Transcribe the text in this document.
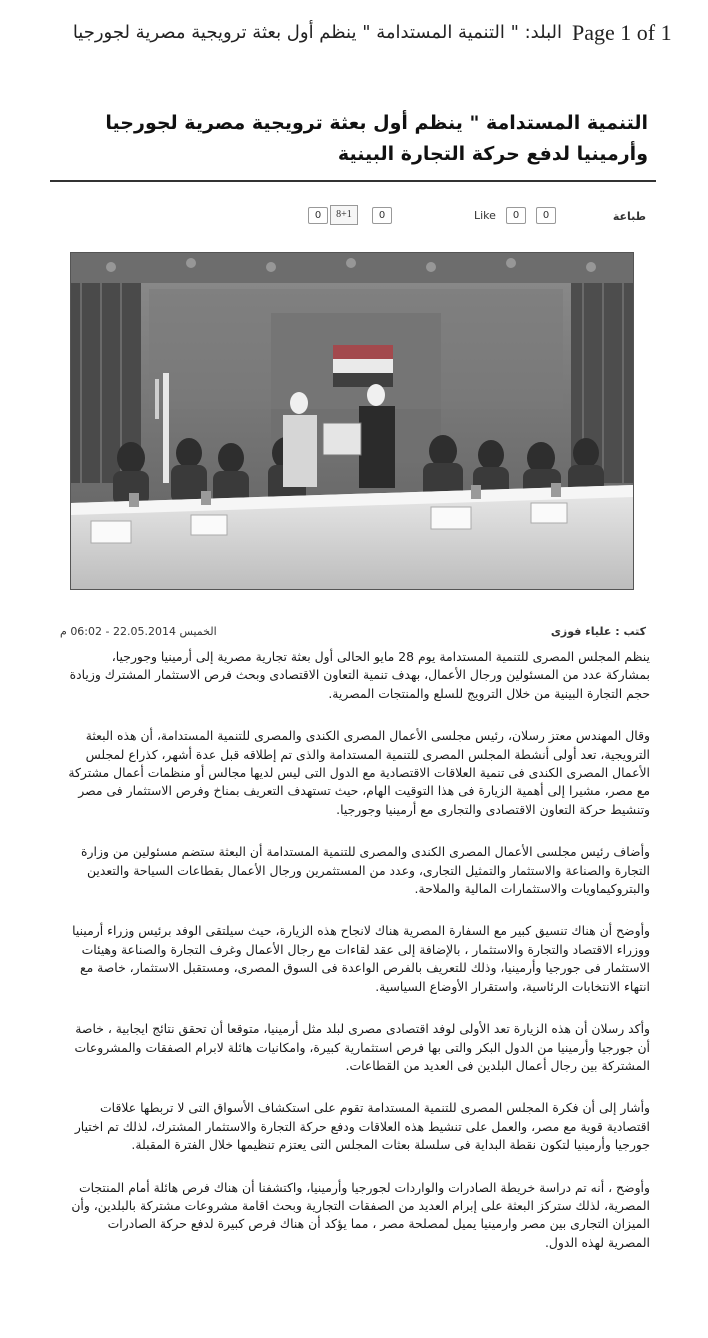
Page 1 of 1
البلد: " التنمية المستدامة " ينظم أول بعثة ترويجية مصرية لجورجيا
التنمية المستدامة " ينظم أول بعثة ترويجية مصرية لجورجيا وأرمينيا لدفع حركة التجارة البينية
طباعة
0	8+1	0	Like	0	0
كتب : علياء فوزى
الخميس 22.05.2014 - 06:02 م

ينظم المجلس المصرى للتنمية المستدامة يوم 28 مايو الحالى أول بعثة تجارية مصرية إلى أرمينيا وجورجيا، بمشاركة عدد من المسئولين ورجال الأعمال، بهدف تنمية التعاون الاقتصادى وبحث فرص الاستثمار المشترك وزيادة حجم التجارة البينية من خلال الترويج للسلع والمنتجات المصرية.

وقال المهندس معتز رسلان، رئيس مجلسى الأعمال المصرى الكندى والمصرى للتنمية المستدامة، أن هذه البعثة الترويجية، تعد أولى أنشطة المجلس المصرى للتنمية المستدامة والذى تم إطلاقه قبل عدة أشهر، كذراع لمجلس الأعمال المصرى الكندى فى تنمية العلاقات الاقتصادية مع الدول التى ليس لديها مجالس أو منظمات أعمال مشتركة مع مصر، مشيرا إلى أهمية الزيارة فى هذا التوقيت الهام، حيث تستهدف التعريف بمناخ وفرص الاستثمار فى مصر وتنشيط حركة التعاون الاقتصادى والتجارى مع أرمينيا وجورجيا.

وأضاف رئيس مجلسى الأعمال المصرى الكندى والمصرى للتنمية المستدامة أن البعثة ستضم مسئولين من وزارة التجارة والصناعة والاستثمار والتمثيل التجارى، وعدد من المستثمرين ورجال الأعمال بقطاعات السياحة والتعدين والبتروكيماويات والاستثمارات المالية والملاحة.

وأوضح أن هناك تنسيق كبير مع السفارة المصرية هناك لانجاح هذه الزيارة، حيث سيلتقى الوفد برئيس وزراء أرمينيا ووزراء الاقتصاد والتجارة والاستثمار ، بالإضافة إلى عقد لقاءات مع رجال الأعمال وغرف التجارة والصناعة وهيئات الاستثمار فى جورجيا وأرمينيا، وذلك للتعريف بالفرص الواعدة فى السوق المصرى، ومستقبل الاستثمار، خاصة مع انتهاء الانتخابات الرئاسية، واستقرار الأوضاع السياسية.

وأكد رسلان أن هذه الزيارة تعد الأولى لوفد اقتصادى مصرى لبلد مثل أرمينيا، متوقعا أن تحقق نتائج ايجابية ، خاصة أن جورجيا وأرمينيا من الدول البكر والتى بها فرص استثمارية كبيرة، وامكانيات هائلة لابرام الصفقات والمشروعات المشتركة بين رجال أعمال البلدين فى العديد من القطاعات.

وأشار إلى أن فكرة المجلس المصرى للتنمية المستدامة تقوم على استكشاف الأسواق التى لا تربطها علاقات اقتصادية قوية مع مصر، والعمل على تنشيط هذه العلاقات ودفع حركة التجارة والاستثمار المشترك، لذلك تم اختيار جورجيا وأرمينيا لتكون نقطة البداية فى سلسلة بعثات المجلس التى يعتزم تنظيمها خلال الفترة المقبلة.

وأوضح ، أنه تم دراسة خريطة الصادرات والواردات لجورجيا وأرمينيا، واكتشفنا أن هناك فرص هائلة أمام المنتجات المصرية، لذلك ستركز البعثة على إبرام العديد من الصفقات التجارية وبحث اقامة مشروعات مشتركة بالبلدين، وأن الميزان التجارى بين مصر وارمينيا يميل لمصلحة مصر ، مما يؤكد أن هناك فرص كبيرة لدفع حركة الصادرات المصرية لهذه الدول.
